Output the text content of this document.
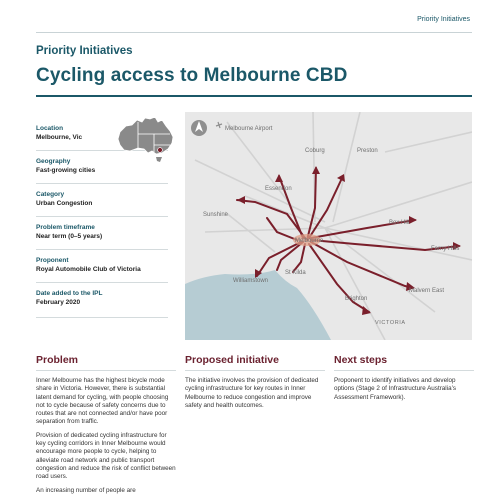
Priority Initiatives
Priority Initiatives
Cycling access to Melbourne CBD
Location
Melbourne, Vic
Geography
Fast-growing cities
Category
Urban Congestion
Problem timeframe
Near term (0–5 years)
Proponent
Royal Automobile Club of Victoria
Date added to the IPL
February 2020
Melbourne Airport
Coburg	Preston
Essendon
Sunshine
Box Hill
Melbourne
Ferny Hills
Williamstown
St Kilda
Brighton
Malvern East
VICTORIA
Problem

Inner Melbourne has the highest bicycle mode share in Victoria. However, there is substantial latent demand for cycling, with people choosing not to cycle because of safety concerns due to routes that are not connected and/or have poor separation from traffic.

Provision of dedicated cycling infrastructure for key cycling corridors in Inner Melbourne would encourage more people to cycle, helping to alleviate road network and public transport congestion and reduce the risk of conflict between road users.

An increasing number of people are

Proposed initiative

The initiative involves the provision of dedicated cycling infrastructure for key routes in Inner Melbourne to reduce congestion and improve safety and health outcomes.

Next steps

Proponent to identify initiatives and develop options (Stage 2 of Infrastructure Australia’s Assessment Framework).
